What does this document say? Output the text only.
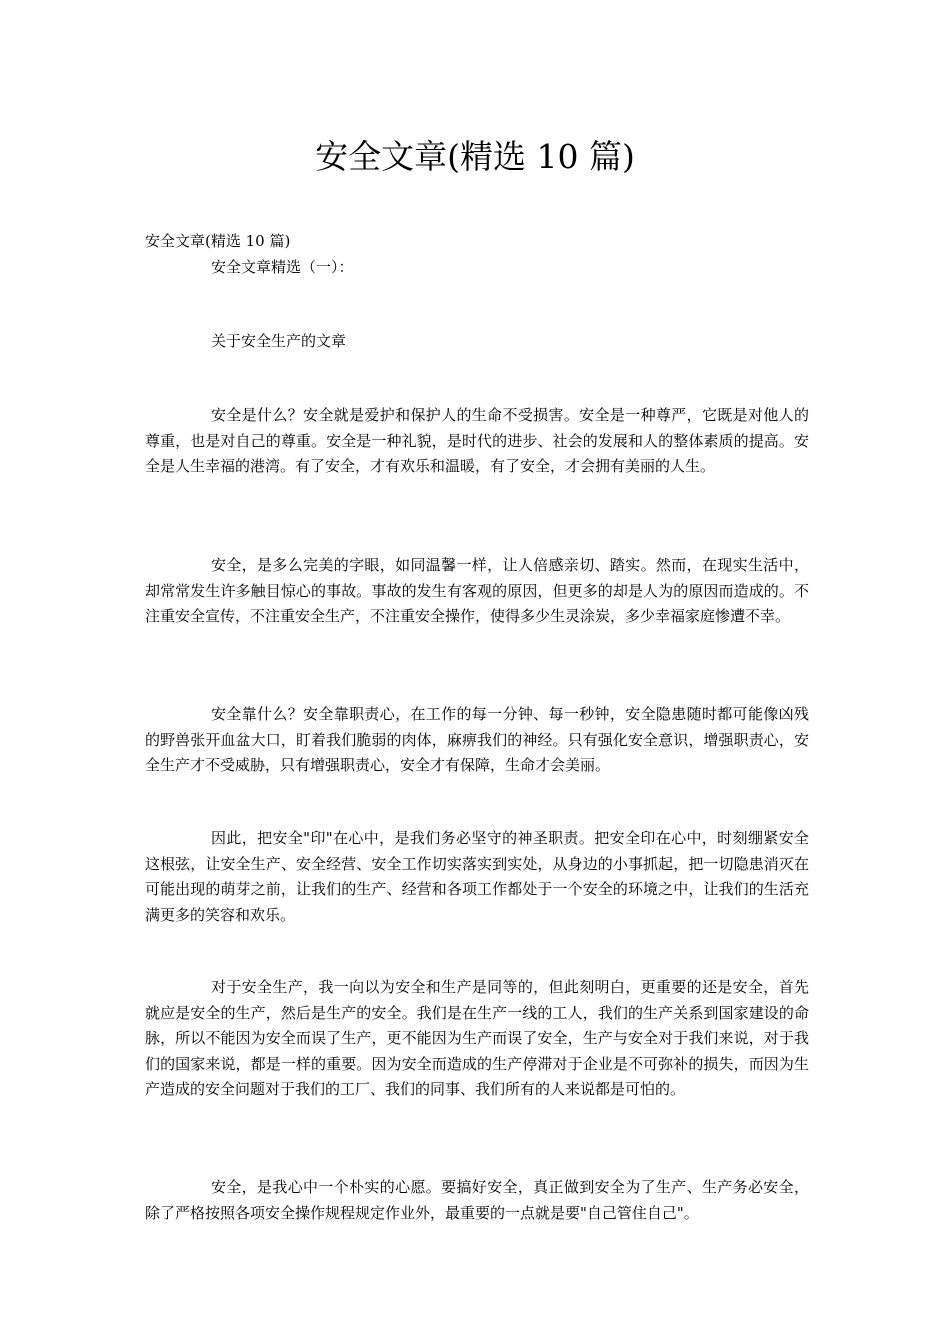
安全文章(精选 10 篇)

安全文章(精选 10 篇)

安全文章精选（一）：

关于安全生产的文章

安全是什么？安全就是爱护和保护人的生命不受损害。安全是一种尊严，它既是对他人的尊重，也是对自己的尊重。安全是一种礼貌，是时代的进步、社会的发展和人的整体素质的提高。安全是人生幸福的港湾。有了安全，才有欢乐和温暖，有了安全，才会拥有美丽的人生。

安全，是多么完美的字眼，如同温馨一样，让人倍感亲切、踏实。然而，在现实生活中，却常常发生许多触目惊心的事故。事故的发生有客观的原因，但更多的却是人为的原因而造成的。不注重安全宣传，不注重安全生产，不注重安全操作，使得多少生灵涂炭，多少幸福家庭惨遭不幸。

安全靠什么？安全靠职责心，在工作的每一分钟、每一秒钟，安全隐患随时都可能像凶残的野兽张开血盆大口，盯着我们脆弱的肉体，麻痹我们的神经。只有强化安全意识，增强职责心，安全生产才不受威胁，只有增强职责心，安全才有保障，生命才会美丽。

因此，把安全"印"在心中，是我们务必坚守的神圣职责。把安全印在心中，时刻绷紧安全这根弦，让安全生产、安全经营、安全工作切实落实到实处，从身边的小事抓起，把一切隐患消灭在可能出现的萌芽之前，让我们的生产、经营和各项工作都处于一个安全的环境之中，让我们的生活充满更多的笑容和欢乐。

对于安全生产，我一向以为安全和生产是同等的，但此刻明白，更重要的还是安全，首先就应是安全的生产，然后是生产的安全。我们是在生产一线的工人，我们的生产关系到国家建设的命脉，所以不能因为安全而误了生产，更不能因为生产而误了安全，生产与安全对于我们来说，对于我们的国家来说，都是一样的重要。因为安全而造成的生产停滞对于企业是不可弥补的损失，而因为生产造成的安全问题对于我们的工厂、我们的同事、我们所有的人来说都是可怕的。

安全，是我心中一个朴实的心愿。要搞好安全，真正做到安全为了生产、生产务必安全，除了严格按照各项安全操作规程规定作业外，最重要的一点就是要"自己管住自己"。
